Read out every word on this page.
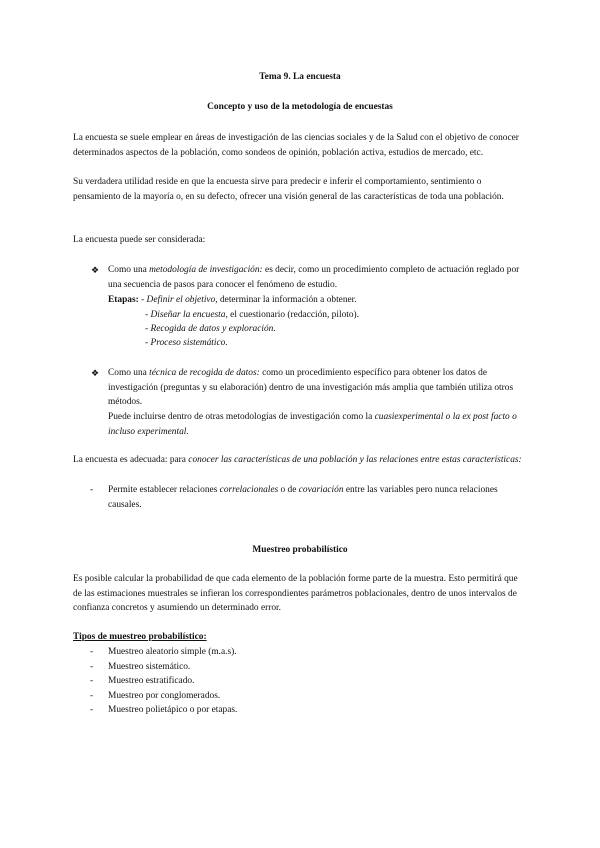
Tema 9. La encuesta
Concepto y uso de la metodología de encuestas

La encuesta se suele emplear en áreas de investigación de las ciencias sociales y de la Salud con el objetivo de conocer determinados aspectos de la población, como sondeos de opinión, población activa, estudios de mercado, etc.

Su verdadera utilidad reside en que la encuesta sirve para predecir e inferir el comportamiento, sentimiento o pensamiento de la mayoría o, en su defecto, ofrecer una visión general de las características de toda una población.

La encuesta puede ser considerada:

❖ Como una metodología de investigación: es decir, como un procedimiento completo de actuación reglado por una secuencia de pasos para conocer el fenómeno de estudio.

Etapas: - Definir el objetivo, determinar la información a obtener.

- Diseñar la encuesta, el cuestionario (redacción, piloto).

- Recogida de datos y exploración.

- Proceso sistemático.

❖ Como una técnica de recogida de datos: como un procedimiento específico para obtener los datos de investigación (preguntas y su elaboración) dentro de una investigación más amplia que también utiliza otros métodos.

Puede incluirse dentro de otras metodologías de investigación como la cuasiexperimental o la ex post facto o incluso experimental.

La encuesta es adecuada: para conocer las características de una población y las relaciones entre estas características:

- Permite establecer relaciones correlacionales o de covariación entre las variables pero nunca relaciones causales.

Muestreo probabilístico

Es posible calcular la probabilidad de que cada elemento de la población forme parte de la muestra. Esto permitirá que de las estimaciones muestrales se infieran los correspondientes parámetros poblacionales, dentro de unos intervalos de confianza concretos y asumiendo un determinado error.

Tipos de muestreo probabilístico:

- Muestreo aleatorio simple (m.a.s).

- Muestreo sistemático.

- Muestreo estratificado.

- Muestreo por conglomerados.

- Muestreo polietápico o por etapas.
